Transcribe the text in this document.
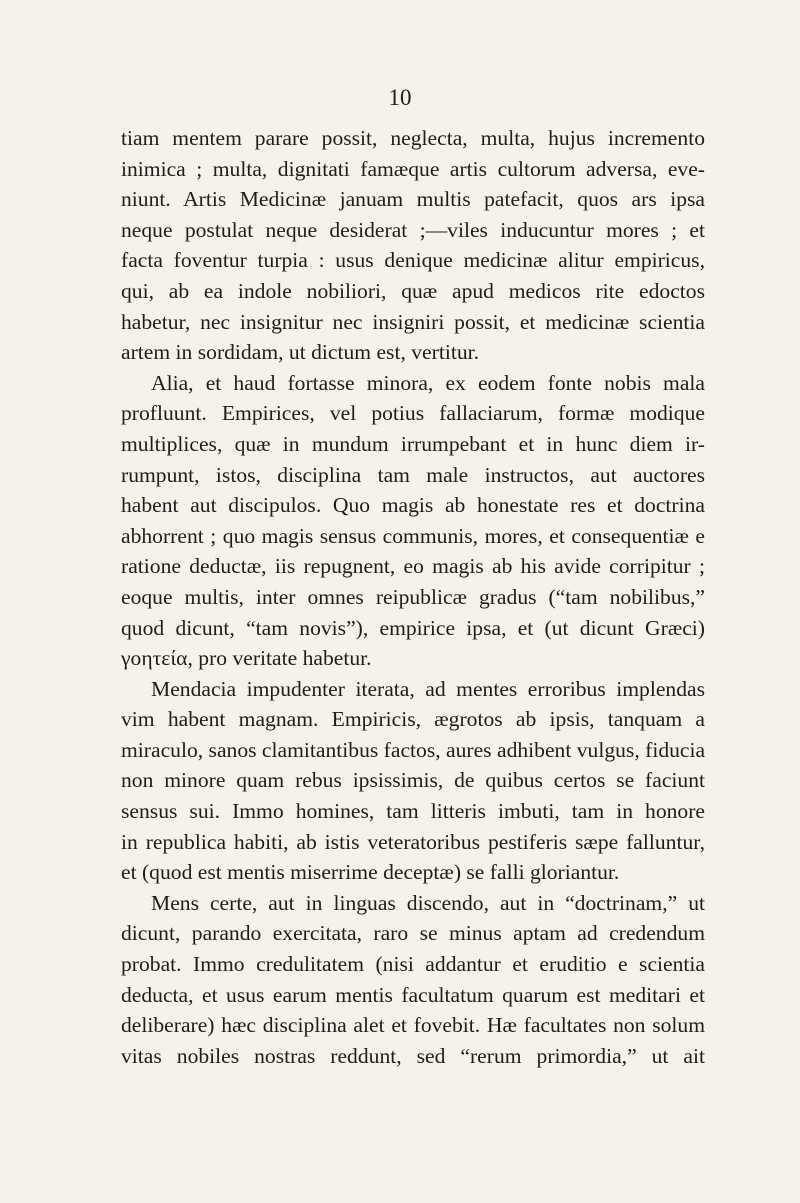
10
tiam mentem parare possit, neglecta, multa, hujus incremento
inimica ; multa, dignitati famæque artis cultorum adversa, eve-
niunt. Artis Medicinæ januam multis patefacit, quos ars ipsa
neque postulat neque desiderat ;—viles inducuntur mores ; et
facta foventur turpia : usus denique medicinæ alitur empiricus,
qui, ab ea indole nobiliori, quæ apud medicos rite edoctos
habetur, nec insignitur nec insigniri possit, et medicinæ scientia
artem in sordidam, ut dictum est, vertitur.
Alia, et haud fortasse minora, ex eodem fonte nobis mala
profluunt. Empirices, vel potius fallaciarum, formæ modique
multiplices, quæ in mundum irrumpebant et in hunc diem ir-
rumpunt, istos, disciplina tam male instructos, aut auctores
habent aut discipulos. Quo magis ab honestate res et doctrina
abhorrent ; quo magis sensus communis, mores, et consequentiæ e
ratione deductæ, iis repugnent, eo magis ab his avide corripitur ;
eoque multis, inter omnes reipublicæ gradus (“tam nobilibus,”
quod dicunt, “tam novis”), empirice ipsa, et (ut dicunt Græci)
γοητεία, pro veritate habetur.
Mendacia impudenter iterata, ad mentes erroribus implendas
vim habent magnam. Empiricis, ægrotos ab ipsis, tanquam a
miraculo, sanos clamitantibus factos, aures adhibent vulgus, fiducia
non minore quam rebus ipsissimis, de quibus certos se faciunt
sensus sui. Immo homines, tam litteris imbuti, tam in honore
in republica habiti, ab istis veteratoribus pestiferis sæpe falluntur,
et (quod est mentis miserrime deceptæ) se falli gloriantur.
Mens certe, aut in linguas discendo, aut in “doctrinam,” ut
dicunt, parando exercitata, raro se minus aptam ad credendum
probat. Immo credulitatem (nisi addantur et eruditio e scientia
deducta, et usus earum mentis facultatum quarum est meditari et
deliberare) hæc disciplina alet et fovebit. Hæ facultates non solum
vitas nobiles nostras reddunt, sed “rerum primordia,” ut ait
